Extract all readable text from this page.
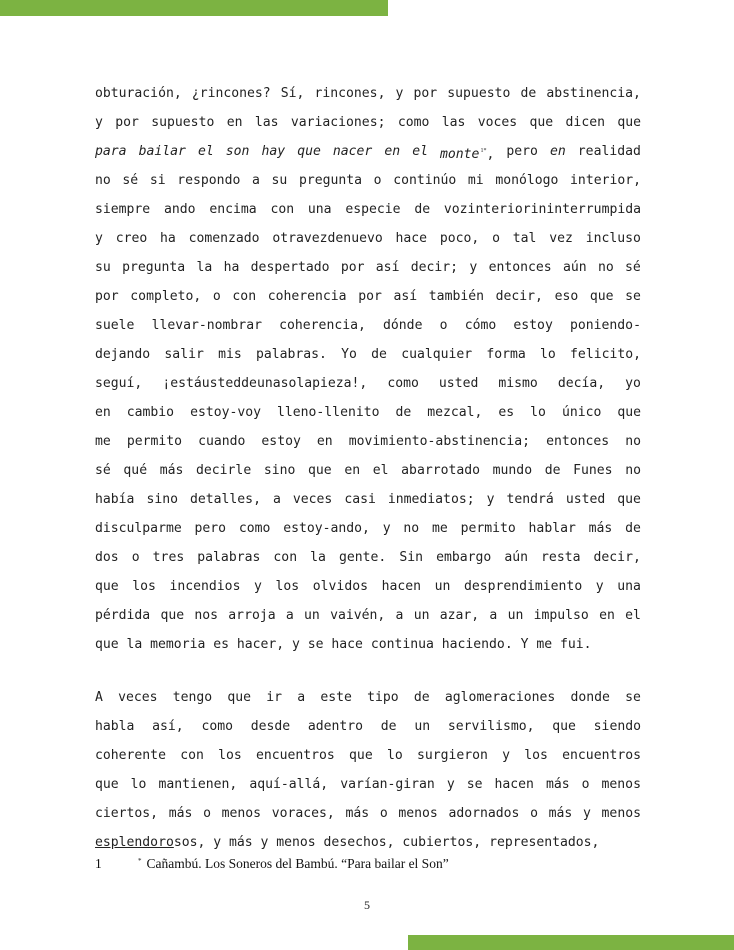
obturación, ¿rincones? Sí, rincones, y por supuesto de abstinencia,
y por supuesto en las variaciones; como las voces que dicen que
para bailar el son hay que nacer en el monte$^{1*}$, pero en realidad
no sé si respondo a su pregunta o continúo mi monólogo interior,
siempre ando encima con una especie de vozinteriorininterrumpida
y creo ha comenzado otravezdenuevo hace poco, o tal vez incluso
su pregunta la ha despertado por así decir; y entonces aún no sé
por completo, o con coherencia por así también decir, eso que se
suele llevar-nombrar coherencia, dónde o cómo estoy poniendo-
dejando salir mis palabras. Yo de cualquier forma lo felicito,
seguí, ¡estáusteddeunasolapieza!, como usted mismo decía, yo
en cambio estoy-voy lleno-llenito de mezcal, es lo único que
me permito cuando estoy en movimiento-abstinencia; entonces no
sé qué más decirle sino que en el abarrotado mundo de Funes no
había sino detalles, a veces casi inmediatos; y tendrá usted que
disculparme pero como estoy-ando, y no me permito hablar más de
dos o tres palabras con la gente. Sin embargo aún resta decir,
que los incendios y los olvidos hacen un desprendimiento y una
pérdida que nos arroja a un vaivén, a un azar, a un impulso en el
que la memoria es hacer, y se hace continua haciendo. Y me fui.
A veces tengo que ir a este tipo de aglomeraciones donde se
habla así, como desde adentro de un servilismo, que siendo
coherente con los encuentros que lo surgieron y los encuentros
que lo mantienen, aquí-allá, varían-giran y se hacen más o menos
ciertos, más o menos voraces, más o menos adornados o más y menos
esplendorosos, y más y menos desechos, cubiertos, representados,
1	* Cañambú. Los Soneros del Bambú. “Para bailar el Son”
5
